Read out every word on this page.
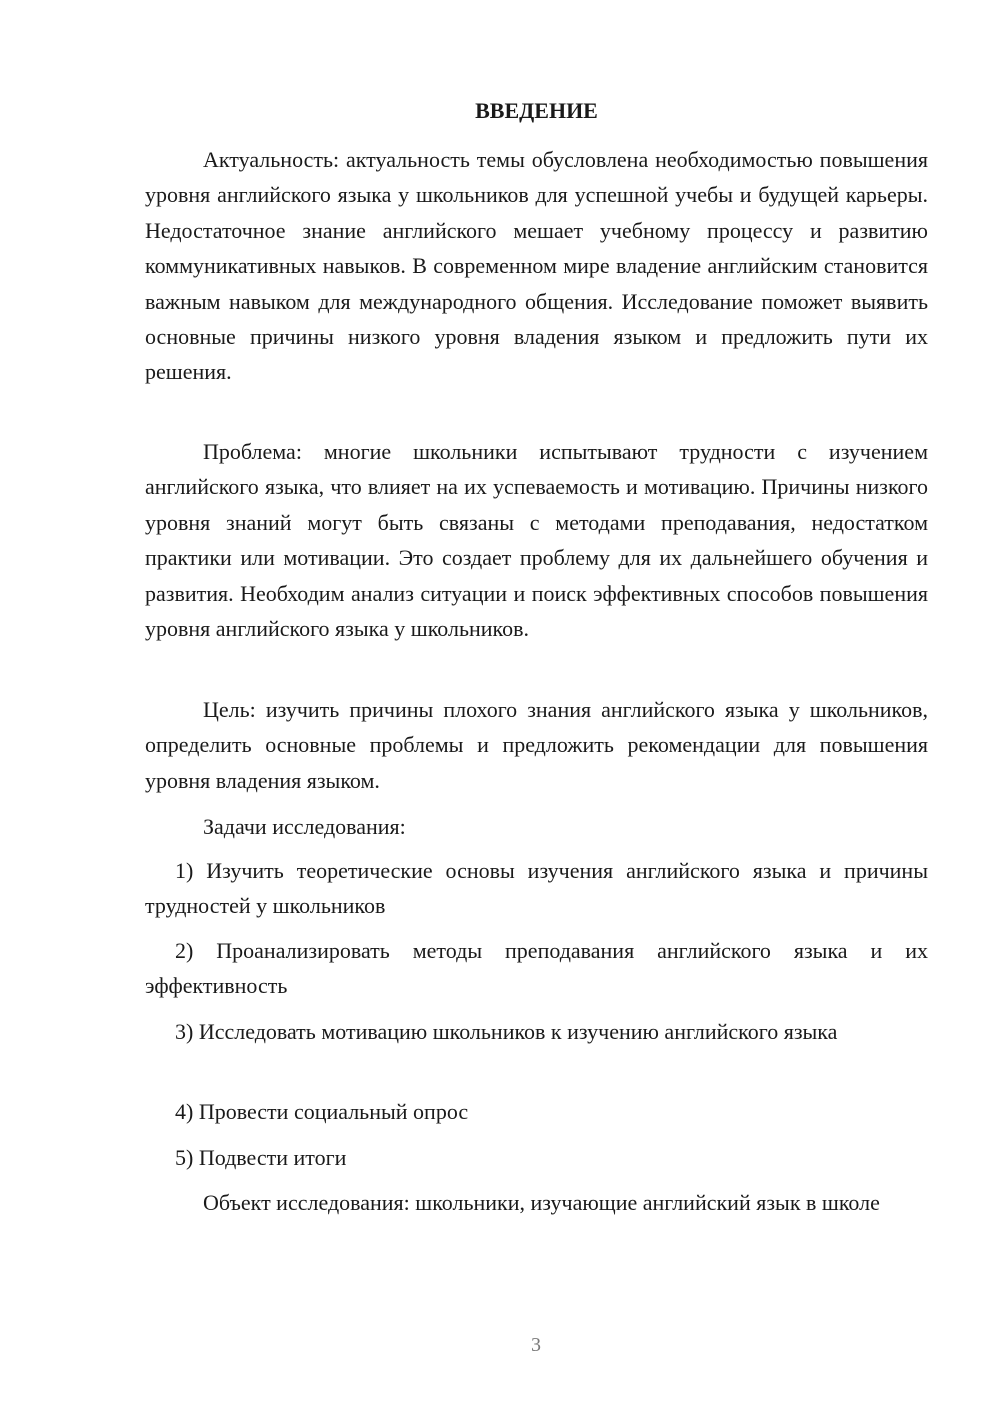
ВВЕДЕНИЕ

Актуальность: актуальность темы обусловлена необходимостью повышения уровня английского языка у школьников для успешной учебы и будущей карьеры. Недостаточное знание английского мешает учебному процессу и развитию коммуникативных навыков. В современном мире владение английским становится важным навыком для международного общения. Исследование поможет выявить основные причины низкого уровня владения языком и предложить пути их решения.

Проблема: многие школьники испытывают трудности с изучением английского языка, что влияет на их успеваемость и мотивацию. Причины низкого уровня знаний могут быть связаны с методами преподавания, недостатком практики или мотивации. Это создает проблему для их дальнейшего обучения и развития. Необходим анализ ситуации и поиск эффективных способов повышения уровня английского языка у школьников.

Цель: изучить причины плохого знания английского языка у школьников, определить основные проблемы и предложить рекомендации для повышения уровня владения языком.

Задачи исследования:

1) Изучить теоретические основы изучения английского языка и причины трудностей у школьников

2) Проанализировать методы преподавания английского языка и их эффективность

3) Исследовать мотивацию школьников к изучению английского языка

4) Провести социальный опрос

5) Подвести итоги

Объект исследования: школьники, изучающие английский язык в школе

3
